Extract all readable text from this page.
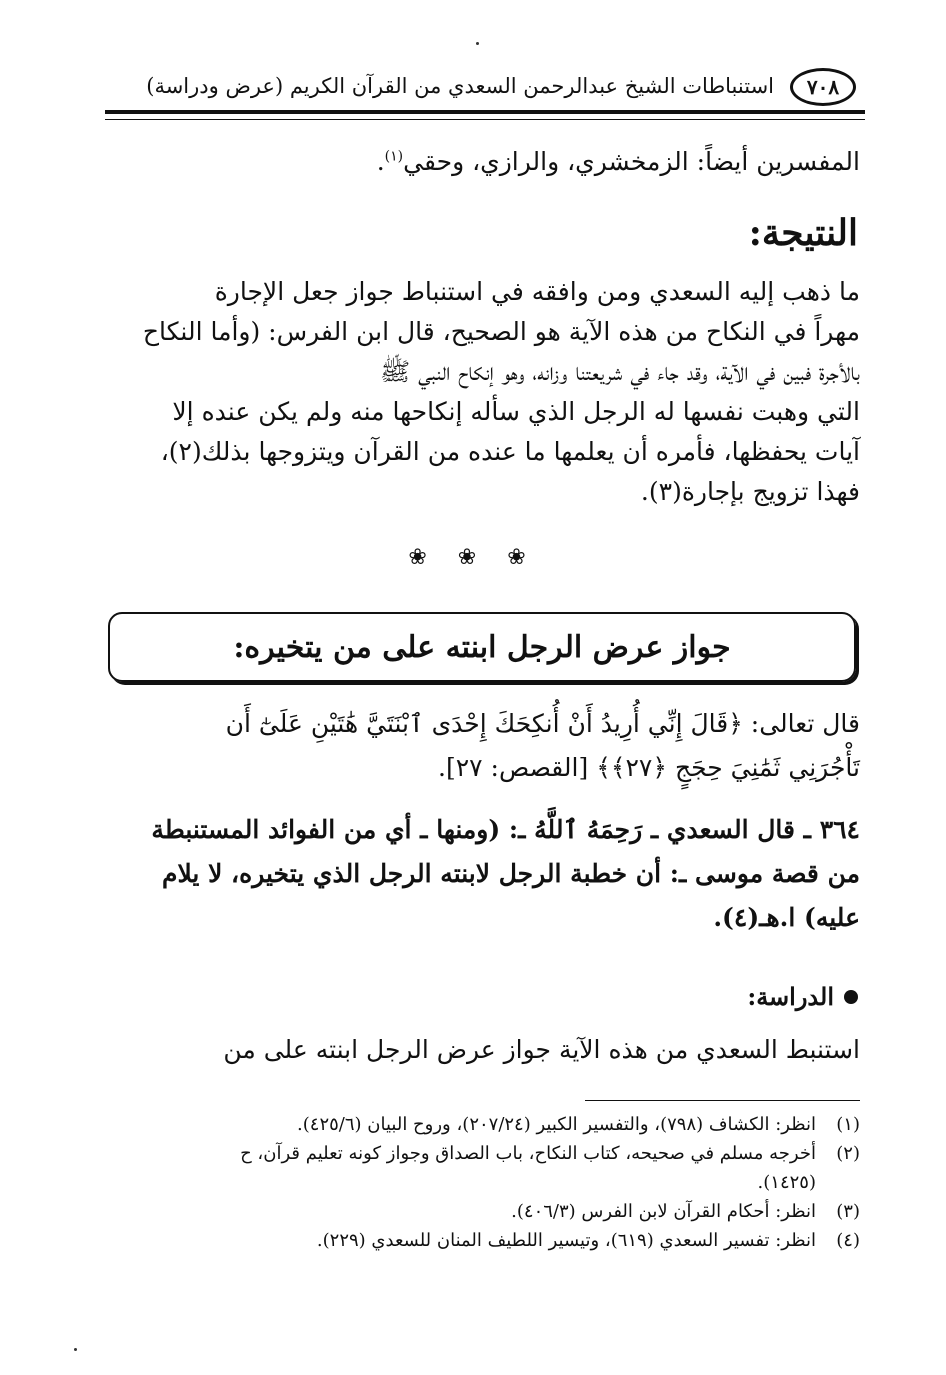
٧٠٨
استنباطات الشيخ عبدالرحمن السعدي من القرآن الكريم (عرض ودراسة)
المفسرين أيضاً: الزمخشري، والرازي، وحقي$^{(١)}$.
النتيجة:
ما ذهب إليه السعدي ومن وافقه في استنباط جواز جعل الإجارة
مهراً في النكاح من هذه الآية هو الصحيح، قال ابن الفرس: (وأما النكاح
بالأجرة فبين في الآية، وقد جاء في شريعتنا وزانه، وهو إنكاح النبي ﷺ
التي وهبت نفسها له الرجل الذي سأله إنكاحها منه ولم يكن عنده إلا
آيات يحفظها، فأمره أن يعلمها ما عنده من القرآن ويتزوجها بذلك(٢)،
فهذا تزويج بإجارة(٣).
❀ ❀ ❀
جواز عرض الرجل ابنته على من يتخيره:
قال تعالى: ﴿قَالَ إِنِّي أُرِيدُ أَنْ أُنكِحَكَ إِحْدَى ٱبْنَتَيَّ هَٰتَيْنِ عَلَىٰٓ أَن
تَأْجُرَنِي ثَمَٰنِيَ حِجَجٍ ﴿٢٧﴾﴾ [القصص: ٢٧].
٣٦٤ ـ قال السعدي ـ رَحِمَهُ ٱللَّهُ ـ: (ومنها ـ أي من الفوائد المستنبطة
من قصة موسى ـ: أن خطبة الرجل لابنته الرجل الذي يتخيره، لا يلام
عليه) ا.هـ(٤).
الدراسة:
استنبط السعدي من هذه الآية جواز عرض الرجل ابنته على من
(١)
انظر: الكشاف (٧٩٨)، والتفسير الكبير (٢٠٧/٢٤)، وروح البيان (٤٢٥/٦).
(٢)
أخرجه مسلم في صحيحه، كتاب النكاح، باب الصداق وجواز كونه تعليم قرآن، ح
(١٤٢٥).
(٣)
انظر: أحكام القرآن لابن الفرس (٤٠٦/٣).
(٤)
انظر: تفسير السعدي (٦١٩)، وتيسير اللطيف المنان للسعدي (٢٢٩).
